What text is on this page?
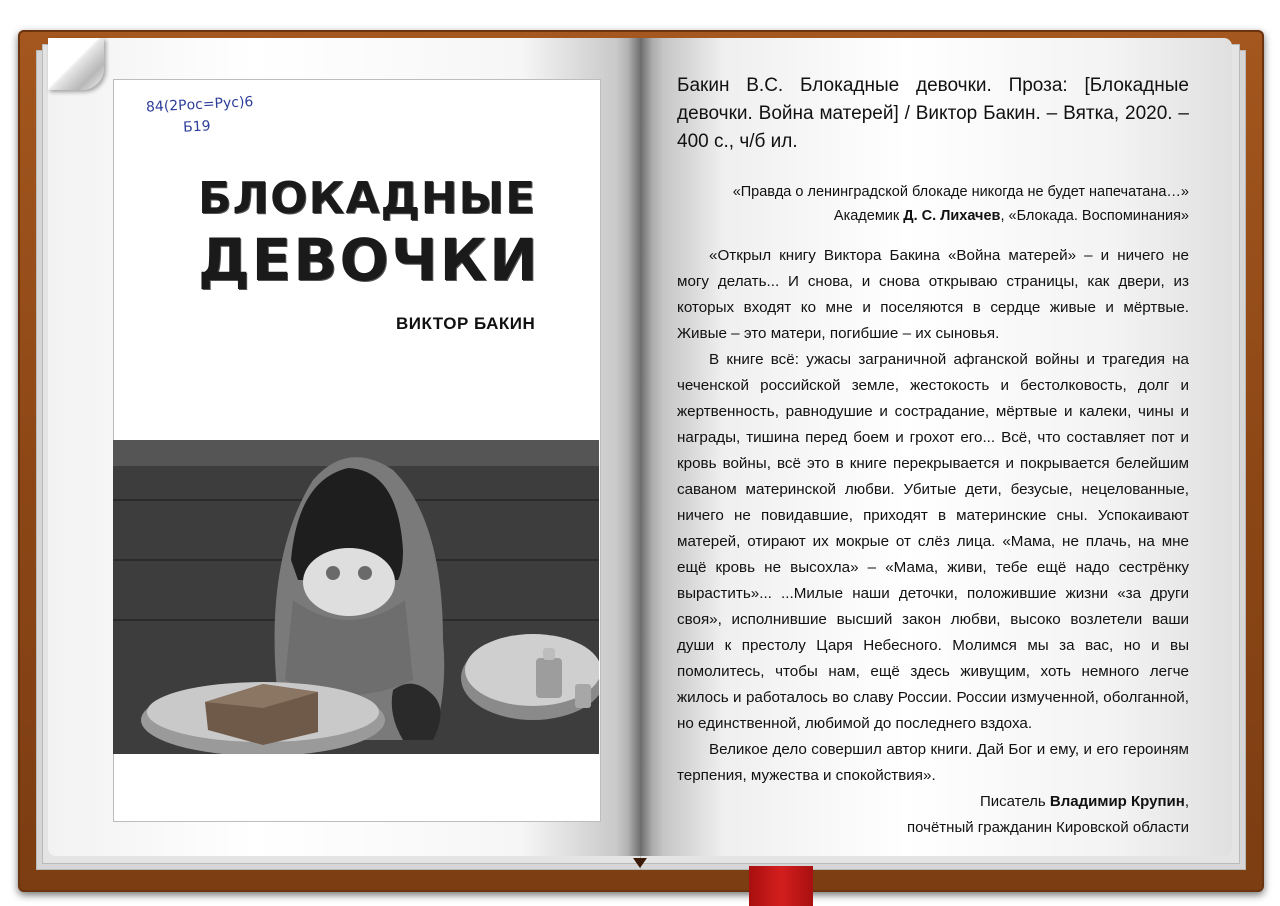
84(2Рос=Рус)6
Б19
БЛОКАДНЫЕ
ДЕВОЧКИ
ВИКТОР БАКИН
Бакин В.С. Блокадные девочки. Проза: [Блокадные девочки. Война матерей] / Виктор Бакин. – Вятка, 2020. – 400 с., ч/б ил.
«Правда о ленинградской блокаде никогда не будет напечатана…»
Академик Д. С. Лихачев, «Блокада. Воспоминания»

«Открыл книгу Виктора Бакина «Война матерей» – и ничего не могу делать... И снова, и снова открываю страницы, как двери, из которых входят ко мне и поселяются в сердце живые и мёртвые. Живые – это матери, погибшие – их сыновья.

В книге всё: ужасы заграничной афганской войны и трагедия на чеченской российской земле, жестокость и бестолковость, долг и жертвенность, равнодушие и сострадание, мёртвые и калеки, чины и награды, тишина перед боем и грохот его... Всё, что составляет пот и кровь войны, всё это в книге перекрывается и покрывается белейшим саваном материнской любви. Убитые дети, безусые, нецелованные, ничего не повидавшие, приходят в материнские сны. Успокаивают матерей, отирают их мокрые от слёз лица. «Мама, не плачь, на мне ещё кровь не высохла» – «Мама, живи, тебе ещё надо сестрёнку вырастить»... ...Милые наши деточки, положившие жизни «за други своя», исполнившие высший закон любви, высоко возлетели ваши души к престолу Царя Небесного. Молимся мы за вас, но и вы помолитесь, чтобы нам, ещё здесь живущим, хоть немного легче жилось и работалось во славу России. России измученной, оболганной, но единственной, любимой до последнего вздоха.

Великое дело совершил автор книги. Дай Бог и ему, и его героиням терпения, мужества и спокойствия».

Писатель Владимир Крупин,
почётный гражданин Кировской области
